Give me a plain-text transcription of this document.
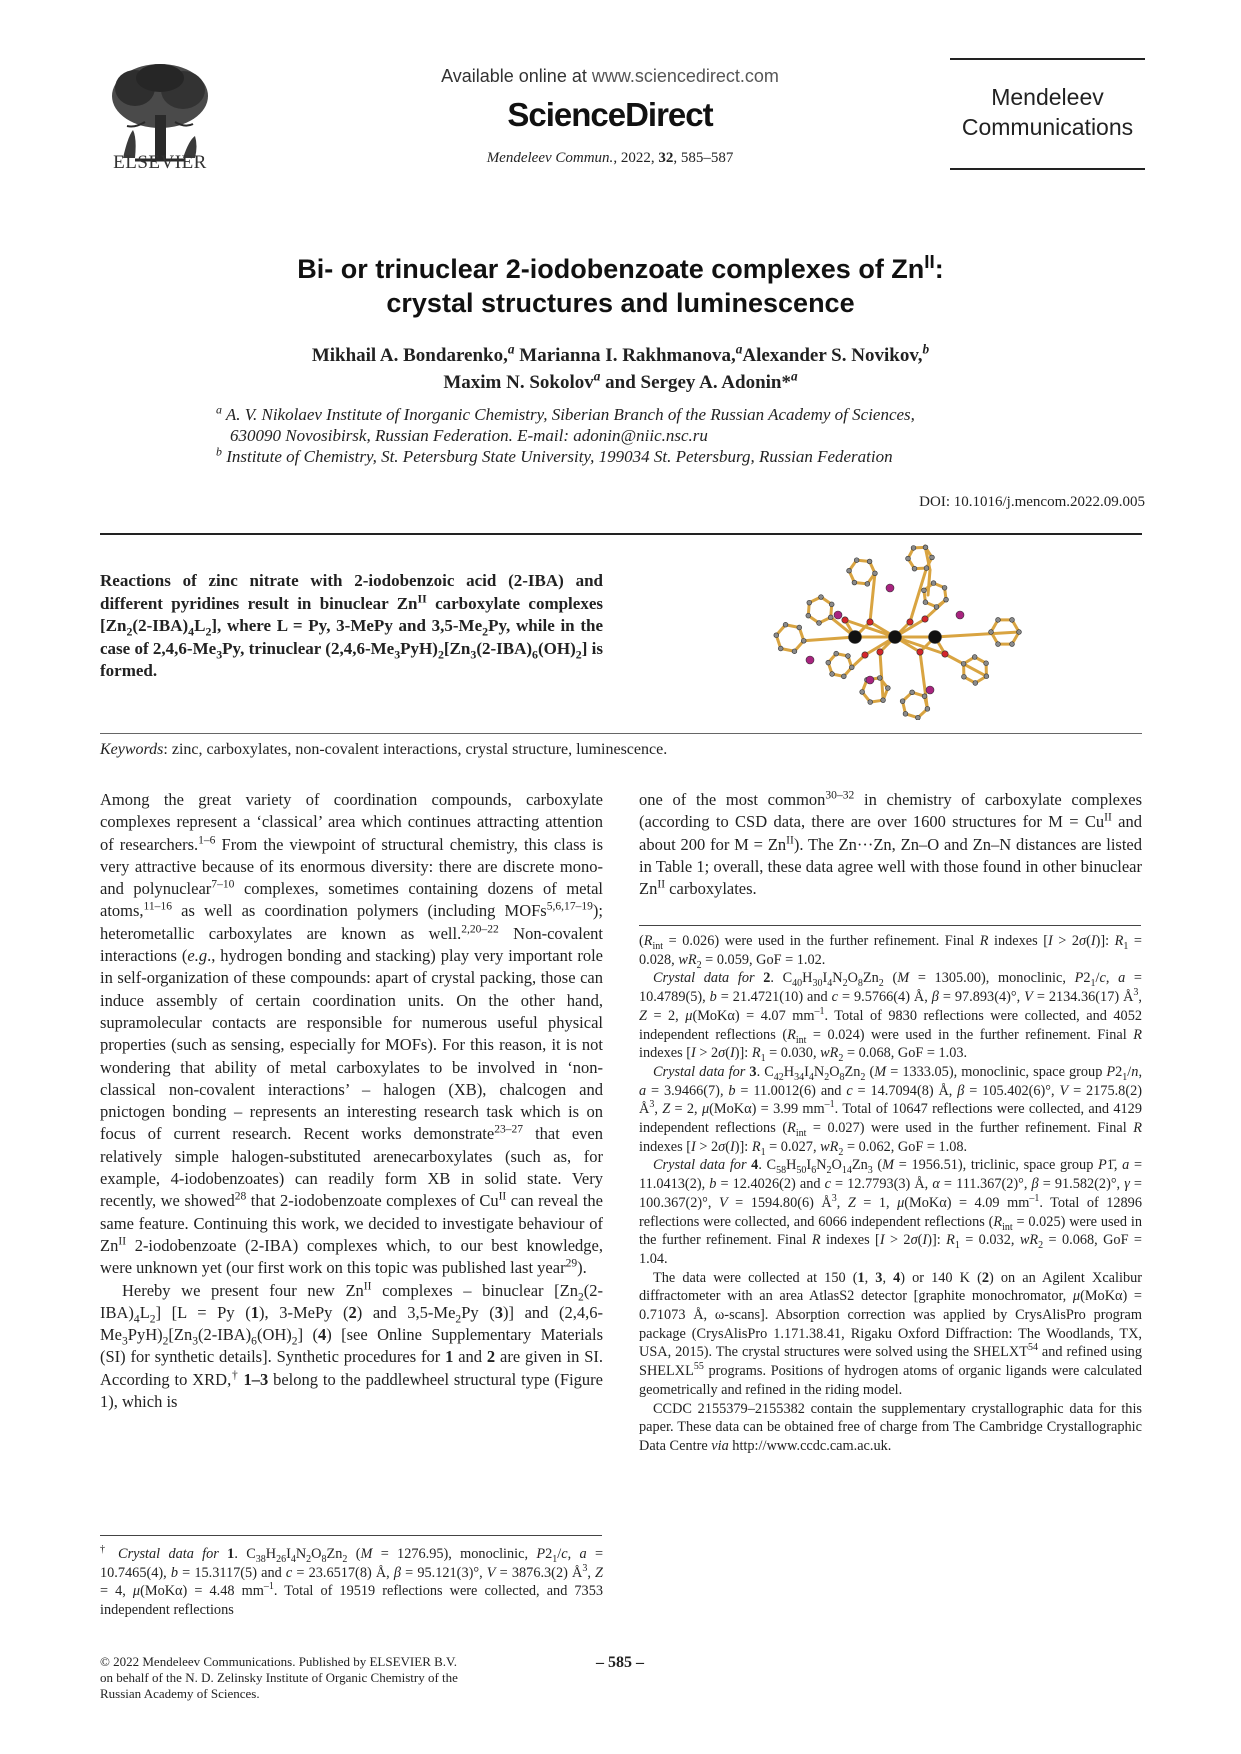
ELSEVIER
Available online at www.sciencedirect.com
ScienceDirect
Mendeleev Commun., 2022, 32, 585–587
Mendeleev
Communications
Bi- or trinuclear 2-iodobenzoate complexes of $Zn^{II}$:
crystal structures and luminescence
Mikhail A. Bondarenko,$^a$ Marianna I. Rakhmanova,$^a$Alexander S. Novikov,$^b$
Maxim N. Sokolov$^a$ and Sergey A. Adonin*$^a$
$^a$ A. V. Nikolaev Institute of Inorganic Chemistry, Siberian Branch of the Russian Academy of Sciences,
630090 Novosibirsk, Russian Federation. E-mail: adonin@niic.nsc.ru
$^b$ Institute of Chemistry, St. Petersburg State University, 199034 St. Petersburg, Russian Federation
DOI: 10.1016/j.mencom.2022.09.005
Reactions of zinc nitrate with 2-iodobenzoic acid (2-IBA) and different pyridines result in binuclear $Zn^{II}$ carboxylate complexes $[Zn_2(2-IBA)_4L_2]$, where L = Py, 3-MePy and $3,5-Me_2Py$, while in the case of $2,4,6-Me_3Py$, trinuclear $(2,4,6-Me_3PyH)_2[Zn_3(2-IBA)_6(OH)_2]$ is formed.
Keywords: zinc, carboxylates, non-covalent interactions, crystal structure, luminescence.

Among the great variety of coordination compounds, carboxylate complexes represent a ‘classical’ area which continues attracting attention of researchers.$^{1-6}$ From the viewpoint of structural chemistry, this class is very attractive because of its enormous diversity: there are discrete mono- and polynuclear$^{7-10}$ complexes, sometimes containing dozens of metal atoms,$^{11-16}$ as well as coordination polymers (including MOFs$^{5,6,17-19}$); heterometallic carboxylates are known as well.$^{2,20-22}$ Non-covalent interactions (e.g., hydrogen bonding and stacking) play very important role in self-organization of these compounds: apart of crystal packing, those can induce assembly of certain coordination units. On the other hand, supramolecular contacts are responsible for numerous useful physical properties (such as sensing, especially for MOFs). For this reason, it is not wondering that ability of metal carboxylates to be involved in ‘non-classical non-covalent interactions’ – halogen (XB), chalcogen and pnictogen bonding – represents an interesting research task which is on focus of current research. Recent works demonstrate$^{23-27}$ that even relatively simple halogen-substituted arenecarboxylates (such as, for example, 4-iodobenzoates) can readily form XB in solid state. Very recently, we showed$^{28}$ that 2-iodobenzoate complexes of $Cu^{II}$ can reveal the same feature. Continuing this work, we decided to investigate behaviour of $Zn^{II}$ 2-iodobenzoate (2-IBA) complexes which, to our best knowledge, were unknown yet (our first work on this topic was published last year$^{29}$).

Hereby we present four new $Zn^{II}$ complexes – binuclear $[Zn_2(2-IBA)_4L_2] [L = Py$ (1), 3-MePy (2) and $3,5-Me_2Py$ (3)] and $(2,4,6-Me_3PyH)_2[Zn_3(2-IBA)_6(OH)_2]$ (4) [see Online Supplementary Materials (SI) for synthetic details]. Synthetic procedures for 1 and 2 are given in SI. According to XRD,† 1–3 belong to the paddlewheel structural type (Figure 1), which is

† Crystal data for 1. $C_{38}H_{26}I_4N_2O_8Zn_2$ (M = 1276.95), monoclinic, $P2_1/c$, a = 10.7465(4), b = 15.3117(5) and c = 23.6517(8) Å, β = 95.121(3)°, V = 3876.3(2) $Å^3$, Z = 4, μ(MoKα) = 4.48 $mm^{-1}$. Total of 19519 reflections were collected, and 7353 independent reflections

one of the most common$^{30-32}$ in chemistry of carboxylate complexes (according to CSD data, there are over 1600 structures for $M = Cu^{II}$ and about 200 for $M = Zn^{II}$). The Zn···Zn, Zn–O and Zn–N distances are listed in Table 1; overall, these data agree well with those found in other binuclear $Zn^{II}$ carboxylates.

$(R_{int} = 0.026)$ were used in the further refinement. Final R indexes [I > 2σ(I)]: $R_1 = 0.028$, $wR_2 = 0.059$, GoF = 1.02.

Crystal data for 2. $C_{40}H_{30}I_4N_2O_8Zn_2$ (M = 1305.00), monoclinic, $P2_1/c$, a = 10.4789(5), b = 21.4721(10) and c = 9.5766(4) Å, β = 97.893(4)°, V = 2134.36(17) $Å^3$, Z = 2, μ(MoKα) = 4.07 $mm^{-1}$. Total of 9830 reflections were collected, and 4052 independent reflections $(R_{int} = 0.024)$ were used in the further refinement. Final R indexes [I > 2σ(I)]: $R_1 = 0.030$, $wR_2 = 0.068$, GoF = 1.03.

Crystal data for 3. $C_{42}H_{34}I_4N_2O_8Zn_2$ (M = 1333.05), monoclinic, space group $P2_1/n$, a = 3.9466(7), b = 11.0012(6) and c = 14.7094(8) Å, β = 105.402(6)°, V = 2175.8(2) $Å^3$, Z = 2, μ(MoKα) = 3.99 $mm^{-1}$. Total of 10647 reflections were collected, and 4129 independent reflections $(R_{int} = 0.027)$ were used in the further refinement. Final R indexes [I > 2σ(I)]: $R_1 = 0.027$, $wR_2 = 0.062$, GoF = 1.08.

Crystal data for 4. $C_{58}H_{50}I_6N_2O_{14}Zn_3$ (M = 1956.51), triclinic, space group P1̄, a = 11.0413(2), b = 12.4026(2) and c = 12.7793(3) Å, α = 111.367(2)°, β = 91.582(2)°, γ = 100.367(2)°, V = 1594.80(6) $Å^3$, Z = 1, μ(MoKα) = 4.09 $mm^{-1}$. Total of 12896 reflections were collected, and 6066 independent reflections $(R_{int} = 0.025)$ were used in the further refinement. Final R indexes [I > 2σ(I)]: $R_1 = 0.032$, $wR_2 = 0.068$, GoF = 1.04.

The data were collected at 150 (1, 3, 4) or 140 K (2) on an Agilent Xcalibur diffractometer with an area AtlasS2 detector [graphite monochromator, μ(MoKα) = 0.71073 Å, ω-scans]. Absorption correction was applied by CrysAlisPro program package (CrysAlisPro 1.171.38.41, Rigaku Oxford Diffraction: The Woodlands, TX, USA, 2015). The crystal structures were solved using the SHELXT$^{54}$ and refined using SHELXL$^{55}$ programs. Positions of hydrogen atoms of organic ligands were calculated geometrically and refined in the riding model.

CCDC 2155379–2155382 contain the supplementary crystallographic data for this paper. These data can be obtained free of charge from The Cambridge Crystallographic Data Centre via http://www.ccdc.cam.ac.uk.

© 2022 Mendeleev Communications. Published by ELSEVIER B.V.
on behalf of the N. D. Zelinsky Institute of Organic Chemistry of the
Russian Academy of Sciences.
– 585 –
